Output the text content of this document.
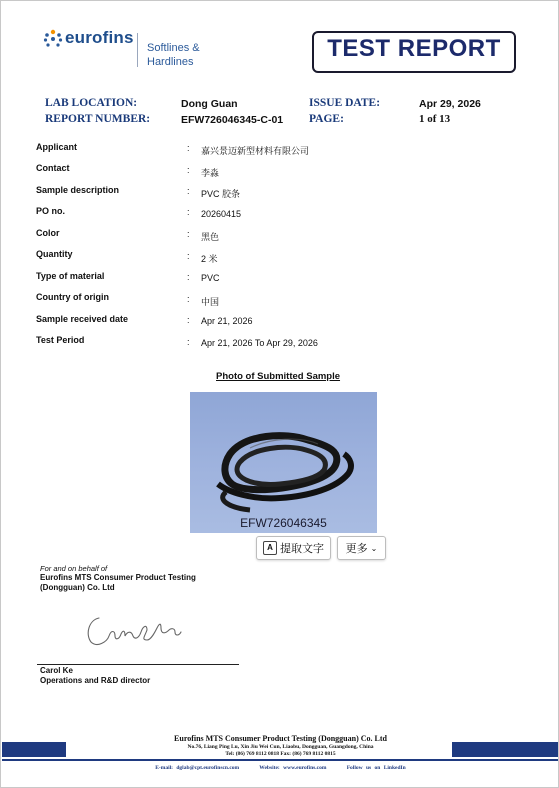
eurofins
Softlines &
Hardlines	TEST REPORT
LAB LOCATION:	Dong Guan	ISSUE DATE:	Apr 29, 2026
REPORT NUMBER:	EFW726046345-C-01 PAGE:	1 of 13
Applicant	: 嘉兴景迈新型材料有限公司
Contact	: 李淼
Sample description	: PVC 胶条
PO no.	: 20260415
Color	: 黑色
Quantity	: 2 米
Type of material	: PVC
Country of origin	: 中国
Sample received date	: Apr 21, 2026
Test Period	: Apr 21, 2026 To Apr 29, 2026
Photo of Submitted Sample
EFW726046345
A 提取文字 更多 ⌄
For and on behalf of
Eurofins MTS Consumer Product Testing
(Dongguan) Co. Ltd
Carol Ke
Operations and R&D director
Eurofins MTS Consumer Product Testing (Dongguan) Co. Ltd
No.76, Liang Ping Lu, Xin Jiu Wei Cun, Liaobu, Dongguan, Guangdong, China
Tel: (86) 769 8112 0818 Fax: (86) 769 8112 0815
E-mail: dglab@cpt.eurofinscn.com	Website: www.eurofins.com	Follow us on LinkedIn
